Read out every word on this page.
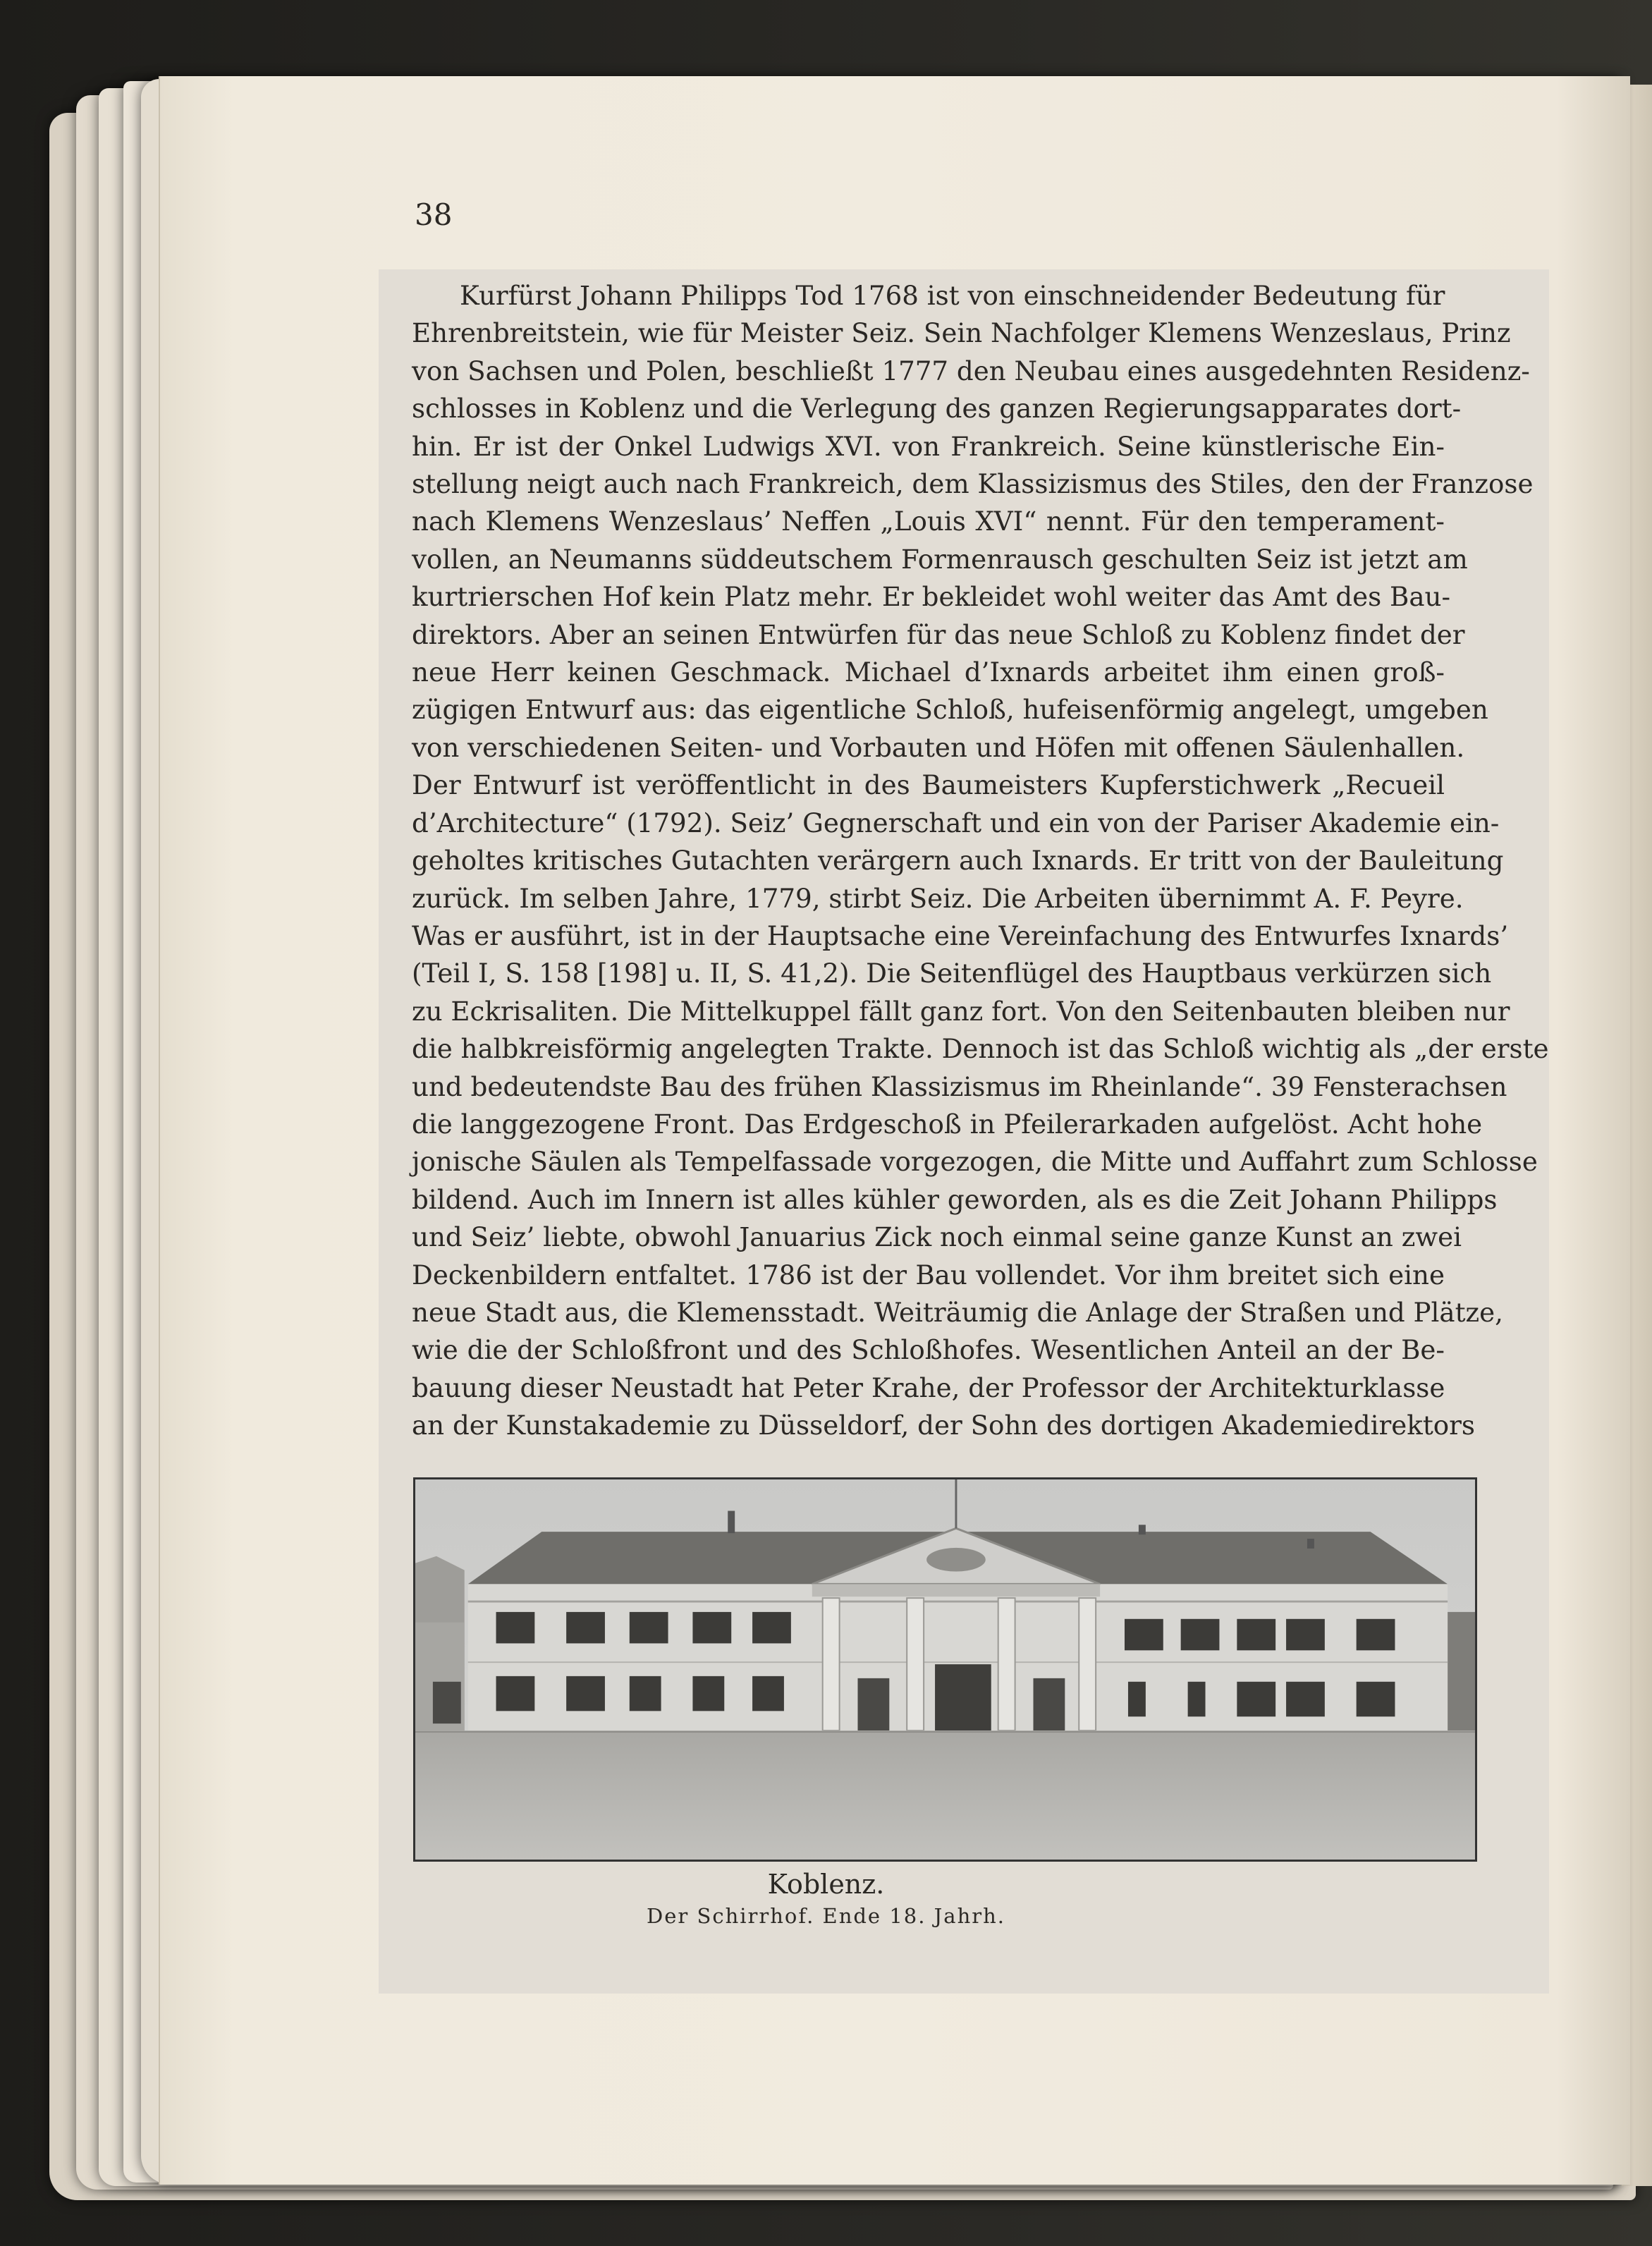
38

Kurfürst Johann Philipps Tod 1768 ist von einschneidender Bedeutung für
Ehrenbreitstein, wie für Meister Seiz. Sein Nachfolger Klemens Wenzeslaus, Prinz
von Sachsen und Polen, beschließt 1777 den Neubau eines ausgedehnten Residenz-
schlosses in Koblenz und die Verlegung des ganzen Regierungsapparates dort-
hin. Er ist der Onkel Ludwigs XVI. von Frankreich. Seine künstlerische Ein-
stellung neigt auch nach Frankreich, dem Klassizismus des Stiles, den der Franzose
nach Klemens Wenzeslaus’ Neffen „Louis XVI“ nennt. Für den temperament-
vollen, an Neumanns süddeutschem Formenrausch geschulten Seiz ist jetzt am
kurtrierschen Hof kein Platz mehr. Er bekleidet wohl weiter das Amt des Bau-
direktors. Aber an seinen Entwürfen für das neue Schloß zu Koblenz findet der
neue Herr keinen Geschmack. Michael d’Ixnards arbeitet ihm einen groß-
zügigen Entwurf aus: das eigentliche Schloß, hufeisenförmig angelegt, umgeben
von verschiedenen Seiten- und Vorbauten und Höfen mit offenen Säulenhallen.
Der Entwurf ist veröffentlicht in des Baumeisters Kupferstichwerk „Recueil
d’Architecture“ (1792). Seiz’ Gegnerschaft und ein von der Pariser Akademie ein-
geholtes kritisches Gutachten verärgern auch Ixnards. Er tritt von der Bauleitung
zurück. Im selben Jahre, 1779, stirbt Seiz. Die Arbeiten übernimmt A. F. Peyre.
Was er ausführt, ist in der Hauptsache eine Vereinfachung des Entwurfes Ixnards’
(Teil I, S. 158 [198] u. II, S. 41,2). Die Seitenflügel des Hauptbaus verkürzen sich
zu Eckrisaliten. Die Mittelkuppel fällt ganz fort. Von den Seitenbauten bleiben nur
die halbkreisförmig angelegten Trakte. Dennoch ist das Schloß wichtig als „der erste
und bedeutendste Bau des frühen Klassizismus im Rheinlande“. 39 Fensterachsen
die langgezogene Front. Das Erdgeschoß in Pfeilerarkaden aufgelöst. Acht hohe
jonische Säulen als Tempelfassade vorgezogen, die Mitte und Auffahrt zum Schlosse
bildend. Auch im Innern ist alles kühler geworden, als es die Zeit Johann Philipps
und Seiz’ liebte, obwohl Januarius Zick noch einmal seine ganze Kunst an zwei
Deckenbildern entfaltet. 1786 ist der Bau vollendet. Vor ihm breitet sich eine
neue Stadt aus, die Klemensstadt. Weiträumig die Anlage der Straßen und Plätze,
wie die der Schloßfront und des Schloßhofes. Wesentlichen Anteil an der Be-
bauung dieser Neustadt hat Peter Krahe, der Professor der Architekturklasse
an der Kunstakademie zu Düsseldorf, der Sohn des dortigen Akademiedirektors

Koblenz.

Der Schirrhof. Ende 18. Jahrh.
